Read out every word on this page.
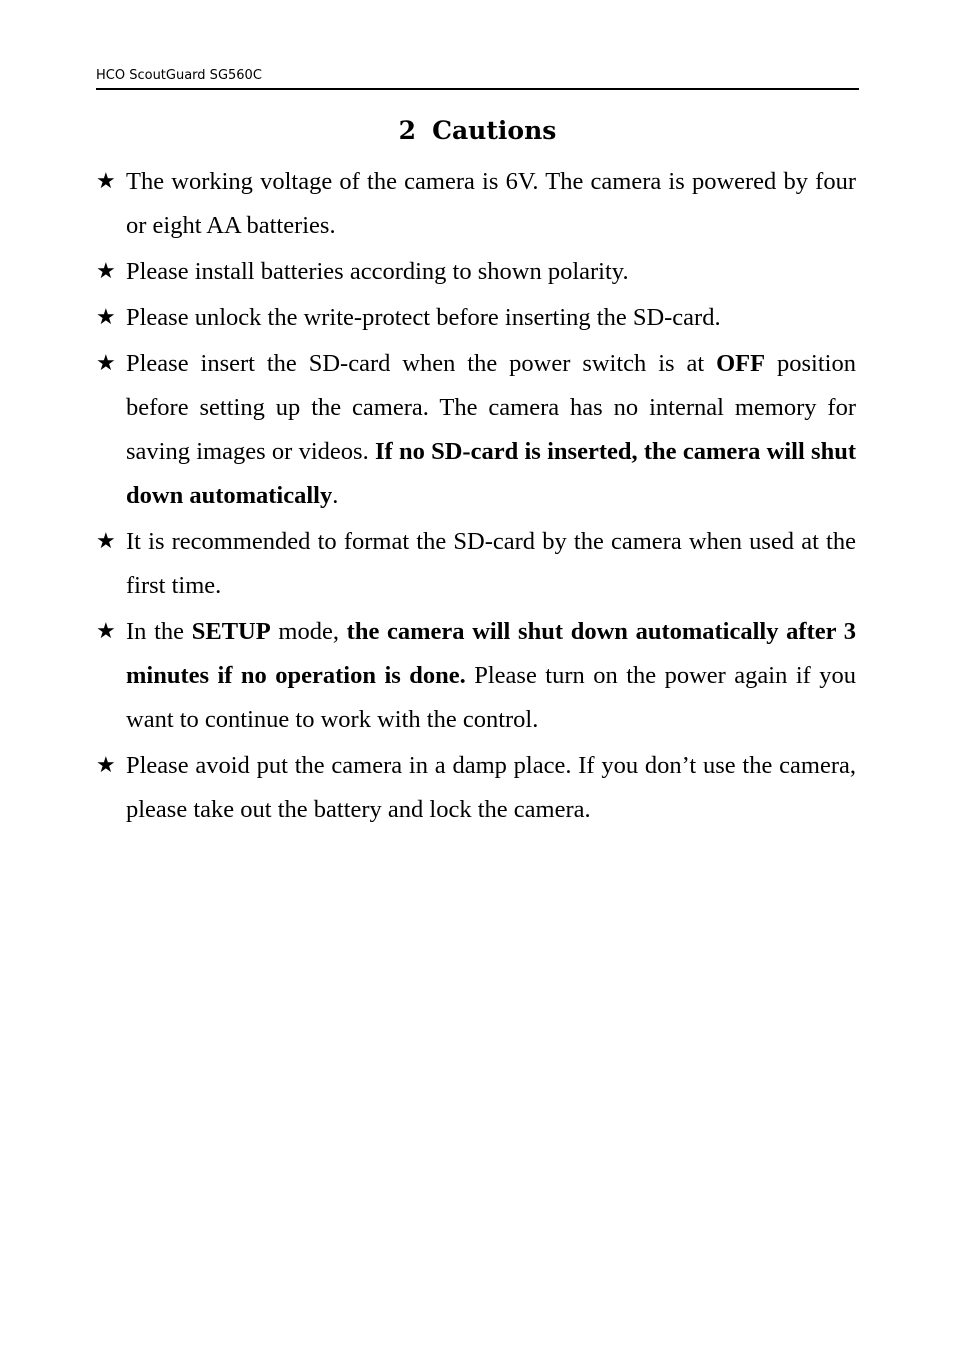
HCO ScoutGuard SG560C
2 Cautions
★ The working voltage of the camera is 6V. The camera is powered by four or eight AA batteries.
★ Please install batteries according to shown polarity.
★ Please unlock the write-protect before inserting the SD-card.
★ Please insert the SD-card when the power switch is at OFF position before setting up the camera. The camera has no internal memory for saving images or videos. If no SD-card is inserted, the camera will shut down automatically.
★ It is recommended to format the SD-card by the camera when used at the first time.
★ In the SETUP mode, the camera will shut down automatically after 3 minutes if no operation is done. Please turn on the power again if you want to continue to work with the control.
★ Please avoid put the camera in a damp place. If you don’t use the camera, please take out the battery and lock the camera.
